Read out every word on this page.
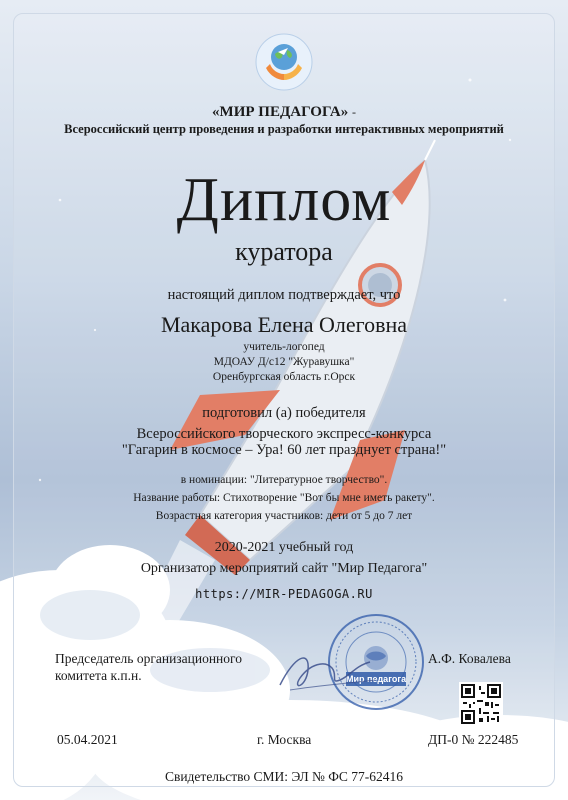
«МИР ПЕДАГОГА» -
Всероссийский центр проведения и разработки интерактивных мероприятий
Диплом
куратора
настоящий диплом подтверждает, что
Макарова Елена Олеговна
учитель-логопед
МДОАУ Д/с12 "Журавушка"
Оренбургская область г.Орск
подготовил (а) победителя
Всероссийского творческого экспресс-конкурса
"Гагарин в космосе – Ура! 60 лет празднует страна!"
в номинации: "Литературное творчество".
Название работы: Стихотворение "Вот бы мне иметь ракету".
Возрастная категория участников: дети от 5 до 7 лет
2020-2021 учебный год
Организатор мероприятий сайт "Мир Педагога"
https://MIR-PEDAGOGA.RU
Мир педагога
Председатель организационного
комитета к.п.н.
А.Ф. Ковалева
05.04.2021	г. Москва	ДП-0 № 222485
Свидетельство СМИ: ЭЛ № ФС 77-62416
